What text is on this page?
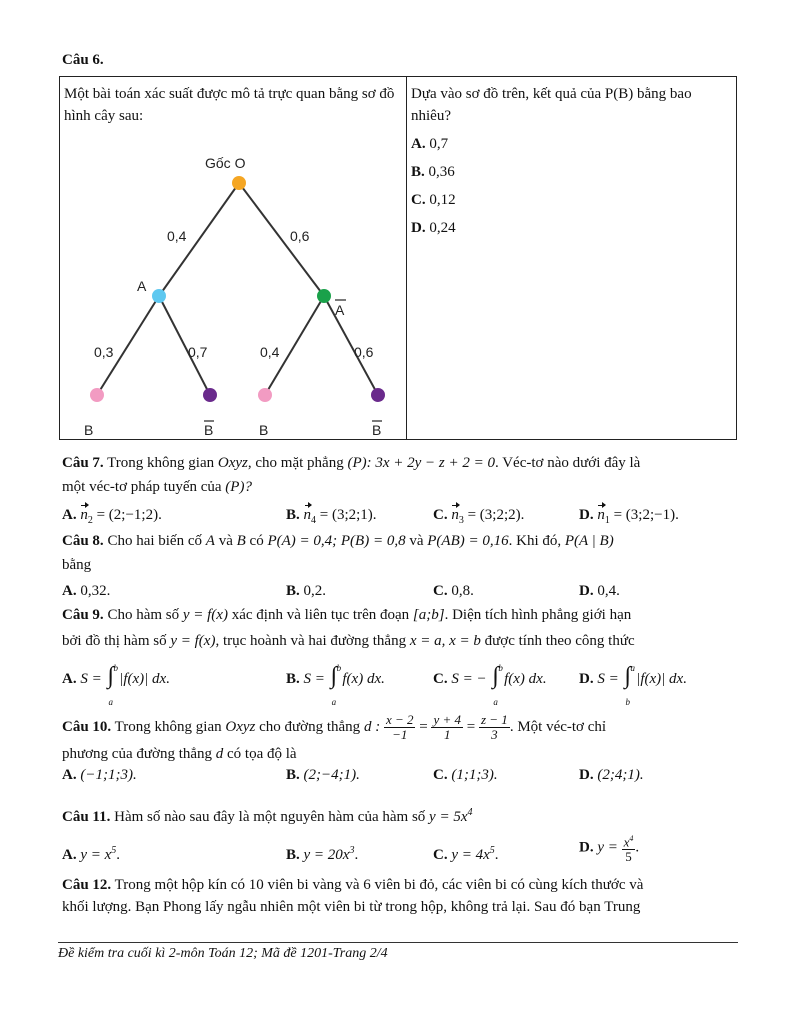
Câu 6.
Một bài toán xác suất được mô tả trực quan bằng sơ đồ hình cây sau:
Gốc O
0,4	0,6
A
A
0,3	0,7	0,4	0,6
B	B	B	B

Dựa vào sơ đồ trên, kết quả của P(B) bằng bao nhiêu?
A. 0,7
B. 0,36
C. 0,12
D. 0,24
Câu 7. Trong không gian Oxyz, cho mặt phẳng (P): 3x + 2y − z + 2 = 0. Véc-tơ nào dưới đây là
một véc-tơ pháp tuyến của (P)?
A. $n_2$ = (2;−1;2).	B. $n_4$ = (3;2;1).	C. $n_3$ = (3;2;2).	D. $n_1$ = (3;2;−1).
Câu 8. Cho hai biến cố A và B có P(A) = 0,4; P(B) = 0,8 và P(AB) = 0,16. Khi đó, P(A | B)
bằng
A. 0,32.	B. 0,2.	C. 0,8.	D. 0,4.
Câu 9. Cho hàm số y = f(x) xác định và liên tục trên đoạn [a;b]. Diện tích hình phẳng giới hạn
bởi đồ thị hàm số y = f(x), trục hoành và hai đường thẳng x = a, x = b được tính theo công thức
A. S = ∫ b
a
|f(x)| dx.	B. S = ∫ b
a
f(x) dx.	C. S = − ∫ b
a
f(x) dx. D. S = ∫ a
b
|f(x)| dx.
Câu 10. Trong không gian Oxyz cho đường thẳng d : $\frac{x - 2}{-1} = \frac{y + 4}{1} = \frac{z - 1}{3}$ . Một véc-tơ chỉ
phương của đường thẳng d có tọa độ là
A. (−1;1;3).	B. (2;−4;1).	C. (1;1;3).	D. (2;4;1).
Câu 11. Hàm số nào sau đây là một nguyên hàm của hàm số $y = 5x^4$
A. $y = x^5$.	B. $y = 20x^3$.	C. $y = 4x^5$.	D. $y = \frac{x^4}{5}$ .
Câu 12. Trong một hộp kín có 10 viên bi vàng và 6 viên bi đỏ, các viên bi có cùng kích thước và
khối lượng. Bạn Phong lấy ngẫu nhiên một viên bi từ trong hộp, không trả lại. Sau đó bạn Trung
Đề kiểm tra cuối kì 2-môn Toán 12; Mã đề 1201-Trang 2/4
